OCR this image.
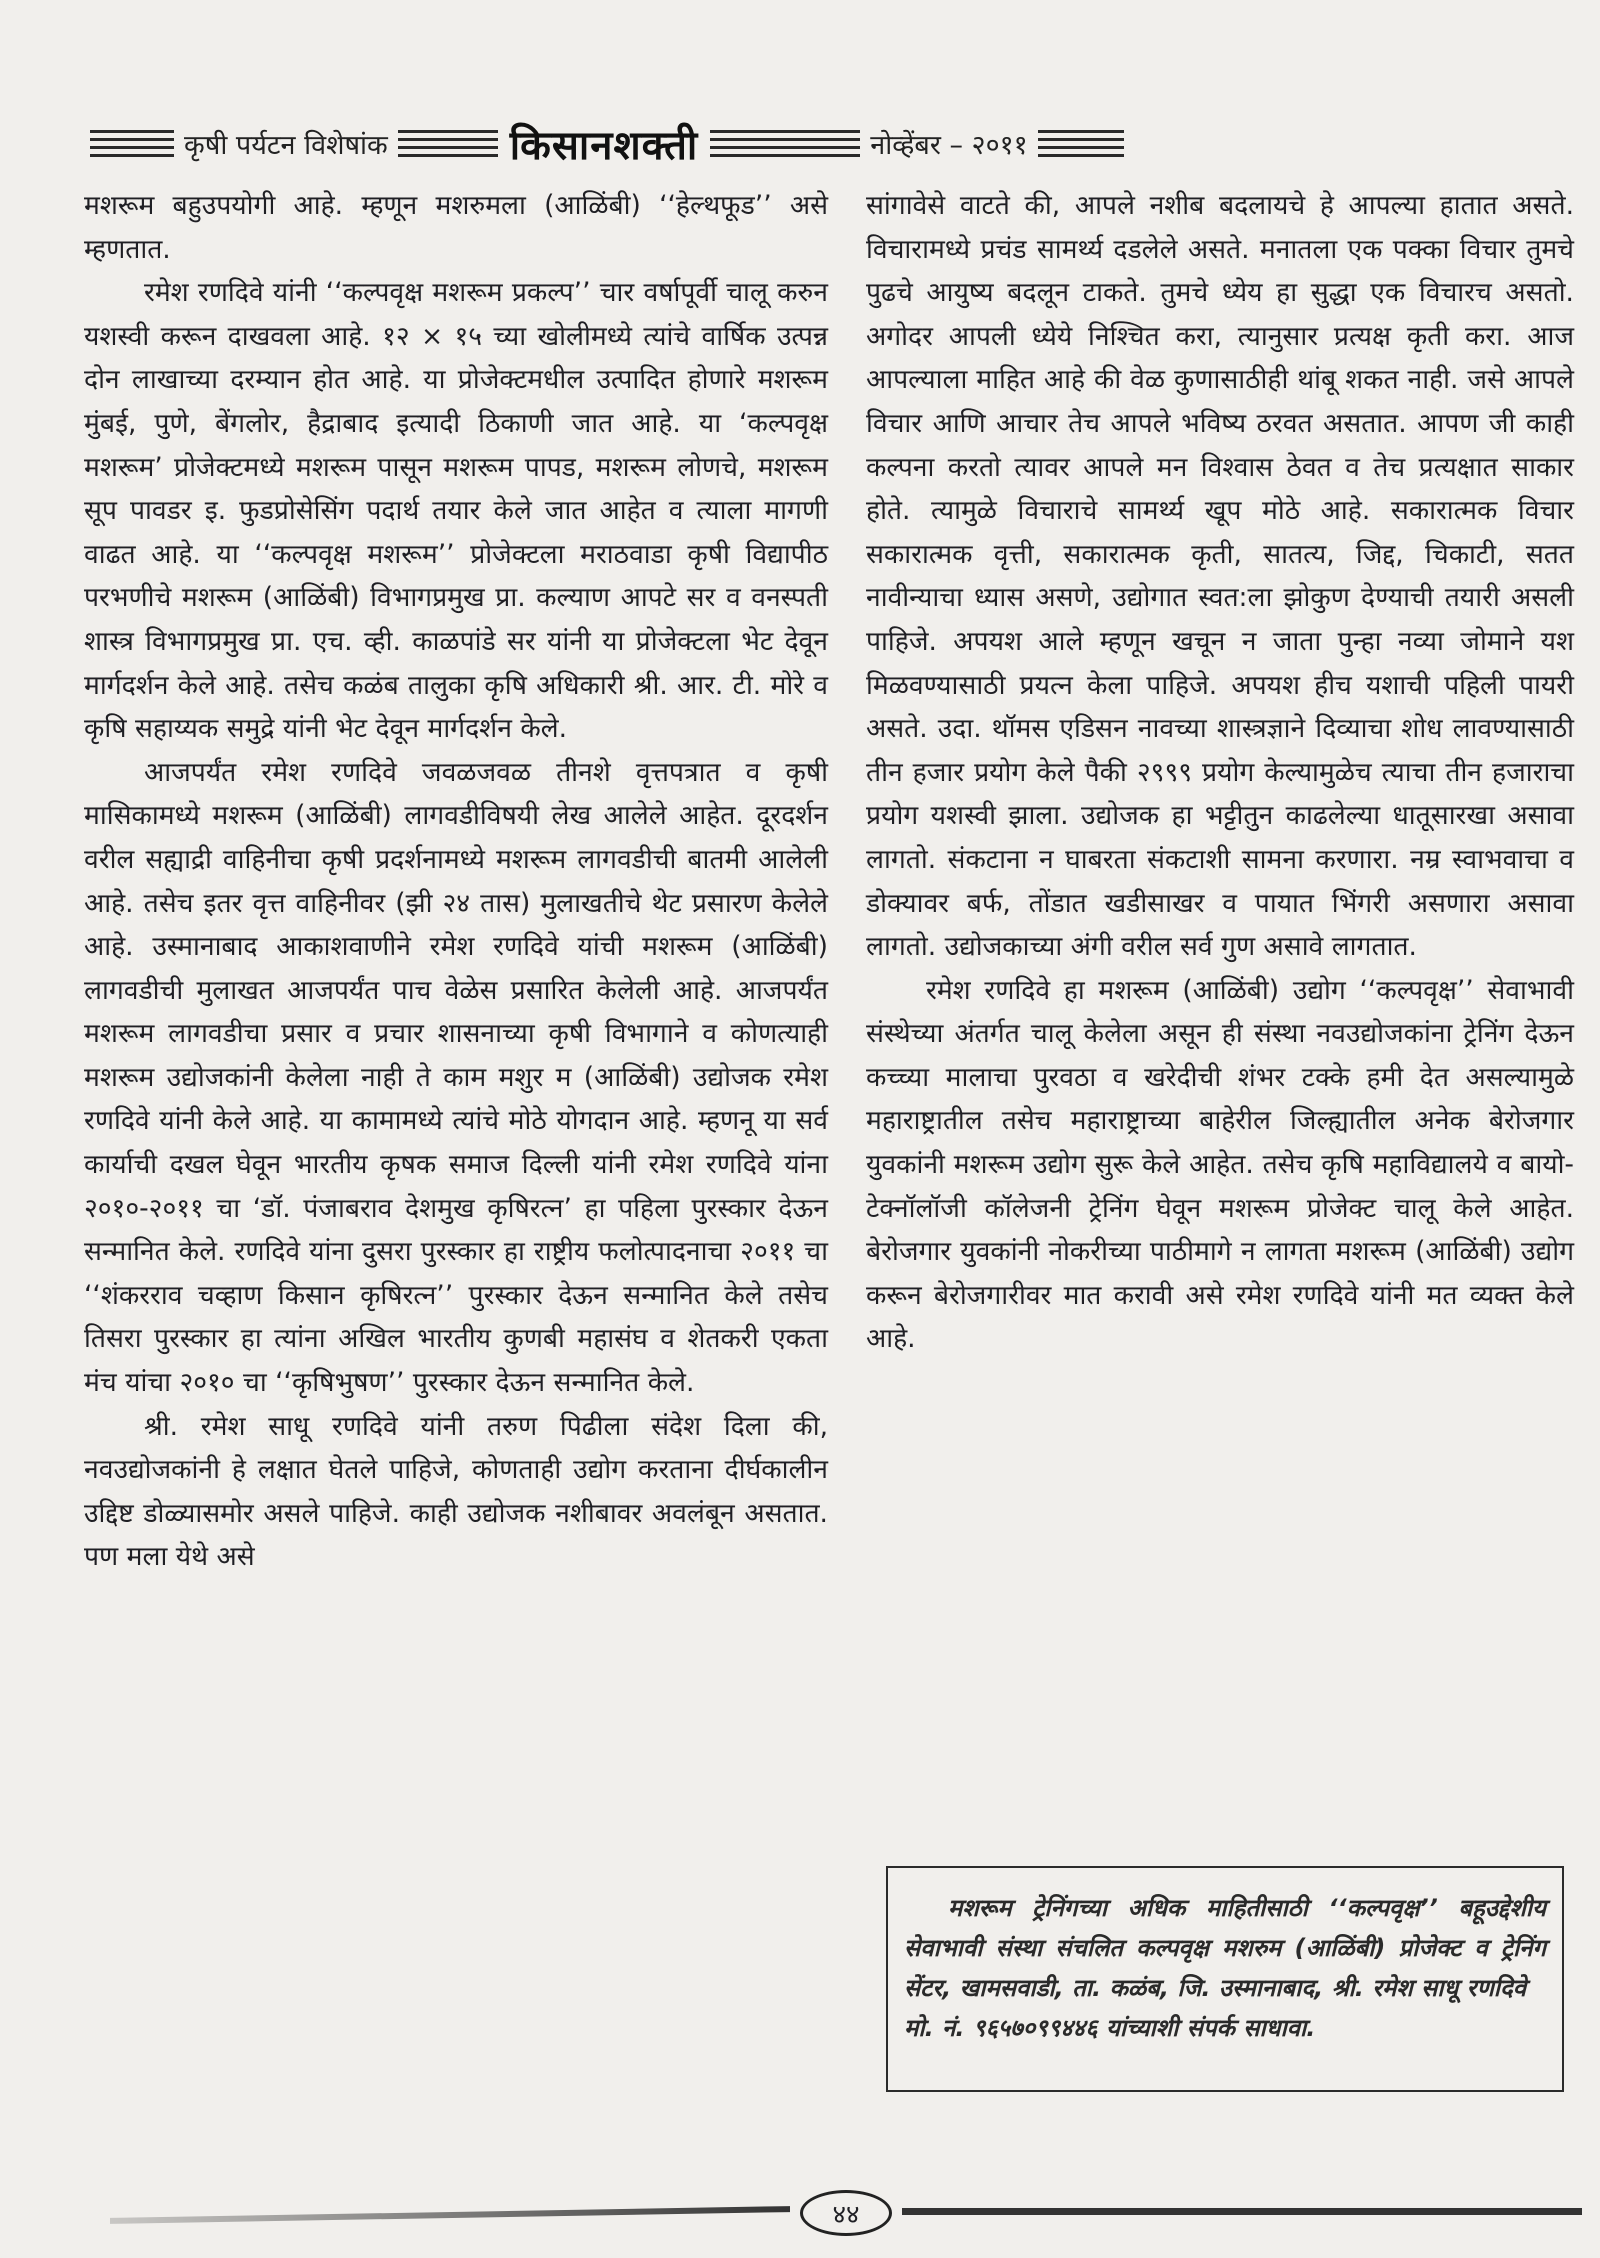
कृषी पर्यटन विशेषांक	किसानशक्ती	नोव्हेंबर – २०११

मशरूम बहुउपयोगी आहे. म्हणून मशरुमला (आळिंबी) ‘‘हेल्थफूड’’ असे म्हणतात.

रमेश रणदिवे यांनी ‘‘कल्पवृक्ष मशरूम प्रकल्प’’ चार वर्षापूर्वी चालू करुन यशस्वी करून दाखवला आहे. १२ × १५ च्या खोलीमध्ये त्यांचे वार्षिक उत्पन्न दोन लाखाच्या दरम्यान होत आहे. या प्रोजेक्टमधील उत्पादित होणारे मशरूम मुंबई, पुणे, बेंगलोर, हैद्राबाद इत्यादी ठिकाणी जात आहे. या ‘कल्पवृक्ष मशरूम’ प्रोजेक्टमध्ये मशरूम पासून मशरूम पापड, मशरूम लोणचे, मशरूम सूप पावडर इ. फुडप्रोसेसिंग पदार्थ तयार केले जात आहेत व त्याला मागणी वाढत आहे. या ‘‘कल्पवृक्ष मशरूम’’ प्रोजेक्टला मराठवाडा कृषी विद्यापीठ परभणीचे मशरूम (आळिंबी) विभागप्रमुख प्रा. कल्याण आपटे सर व वनस्पती शास्त्र विभागप्रमुख प्रा. एच. व्ही. काळपांडे सर यांनी या प्रोजेक्टला भेट देवून मार्गदर्शन केले आहे. तसेच कळंब तालुका कृषि अधिकारी श्री. आर. टी. मोरे व कृषि सहाय्यक समुद्रे यांनी भेट देवून मार्गदर्शन केले.

आजपर्यंत रमेश रणदिवे जवळजवळ तीनशे वृत्तपत्रात व कृषी मासिकामध्ये मशरूम (आळिंबी) लागवडीविषयी लेख आलेले आहेत. दूरदर्शन वरील सह्याद्री वाहिनीचा कृषी प्रदर्शनामध्ये मशरूम लागवडीची बातमी आलेली आहे. तसेच इतर वृत्त वाहिनीवर (झी २४ तास) मुलाखतीचे थेट प्रसारण केलेले आहे. उस्मानाबाद आकाशवाणीने रमेश रणदिवे यांची मशरूम (आळिंबी) लागवडीची मुलाखत आजपर्यंत पाच वेळेस प्रसारित केलेली आहे. आजपर्यंत मशरूम लागवडीचा प्रसार व प्रचार शासनाच्या कृषी विभागाने व कोणत्याही मशरूम उद्योजकांनी केलेला नाही ते काम मशुर म (आळिंबी) उद्योजक रमेश रणदिवे यांनी केले आहे. या कामामध्ये त्यांचे मोठे योगदान आहे. म्हणनू या सर्व कार्याची दखल घेवून भारतीय कृषक समाज दिल्ली यांनी रमेश रणदिवे यांना २०१०-२०११ चा ‘डॉ. पंजाबराव देशमुख कृषिरत्न’ हा पहिला पुरस्कार देऊन सन्मानित केले. रणदिवे यांना दुसरा पुरस्कार हा राष्ट्रीय फलोत्पादनाचा २०११ चा ‘‘शंकरराव चव्हाण किसान कृषिरत्न’’ पुरस्कार देऊन सन्मानित केले तसेच तिसरा पुरस्कार हा त्यांना अखिल भारतीय कुणबी महासंघ व शेतकरी एकता मंच यांचा २०१० चा ‘‘कृषिभुषण’’ पुरस्कार देऊन सन्मानित केले.

श्री. रमेश साधू रणदिवे यांनी तरुण पिढीला संदेश दिला की, नवउद्योजकांनी हे लक्षात घेतले पाहिजे, कोणताही उद्योग करताना दीर्घकालीन उद्दिष्ट डोळ्यासमोर असले पाहिजे. काही उद्योजक नशीबावर अवलंबून असतात. पण मला येथे असे

सांगावेसे वाटते की, आपले नशीब बदलायचे हे आपल्या हातात असते. विचारामध्ये प्रचंड सामर्थ्य दडलेले असते. मनातला एक पक्का विचार तुमचे पुढचे आयुष्य बदलून टाकते. तुमचे ध्येय हा सुद्धा एक विचारच असतो. अगोदर आपली ध्येये निश्चित करा, त्यानुसार प्रत्यक्ष कृती करा. आज आपल्याला माहित आहे की वेळ कुणासाठीही थांबू शकत नाही. जसे आपले विचार आणि आचार तेच आपले भविष्य ठरवत असतात. आपण जी काही कल्पना करतो त्यावर आपले मन विश्वास ठेवत व तेच प्रत्यक्षात साकार होते. त्यामुळे विचाराचे सामर्थ्य खूप मोठे आहे. सकारात्मक विचार सकारात्मक वृत्ती, सकारात्मक कृती, सातत्य, जिद्द, चिकाटी, सतत नावीन्याचा ध्यास असणे, उद्योगात स्वत:ला झोकुण देण्याची तयारी असली पाहिजे. अपयश आले म्हणून खचून न जाता पुन्हा नव्या जोमाने यश मिळवण्यासाठी प्रयत्न केला पाहिजे. अपयश हीच यशाची पहिली पायरी असते. उदा. थॉमस एडिसन नावच्या शास्त्रज्ञाने दिव्याचा शोध लावण्यासाठी तीन हजार प्रयोग केले पैकी २९९९ प्रयोग केल्यामुळेच त्याचा तीन हजाराचा प्रयोग यशस्वी झाला. उद्योजक हा भट्टीतुन काढलेल्या धातूसारखा असावा लागतो. संकटाना न घाबरता संकटाशी सामना करणारा. नम्र स्वाभवाचा व डोक्यावर बर्फ, तोंडात खडीसाखर व पायात भिंगरी असणारा असावा लागतो. उद्योजकाच्या अंगी वरील सर्व गुण असावे लागतात.

रमेश रणदिवे हा मशरूम (आळिंबी) उद्योग ‘‘कल्पवृक्ष’’ सेवाभावी संस्थेच्या अंतर्गत चालू केलेला असून ही संस्था नवउद्योजकांना ट्रेनिंग देऊन कच्च्या मालाचा पुरवठा व खरेदीची शंभर टक्के हमी देत असल्यामुळे महाराष्ट्रातील तसेच महाराष्ट्राच्या बाहेरील जिल्ह्यातील अनेक बेरोजगार युवकांनी मशरूम उद्योग सुरू केले आहेत. तसेच कृषि महाविद्यालये व बायो-टेक्नॉलॉजी कॉलेजनी ट्रेनिंग घेवून मशरूम प्रोजेक्ट चालू केले आहेत. बेरोजगार युवकांनी नोकरीच्या पाठीमागे न लागता मशरूम (आळिंबी) उद्योग करून बेरोजगारीवर मात करावी असे रमेश रणदिवे यांनी मत व्यक्त केले आहे.

मशरूम ट्रेनिंगच्या अधिक माहितीसाठी ‘‘कल्पवृक्ष’’ बहूउद्देशीय सेवाभावी संस्था संचलित कल्पवृक्ष मशरुम (आळिंबी) प्रोजेक्ट व ट्रेनिंग सेंटर, खामसवाडी, ता. कळंब, जि. उस्मानाबाद, श्री. रमेश साधू रणदिवे

मो. नं. ९६५७०९९४४६ यांच्याशी संपर्क साधावा.

४४
